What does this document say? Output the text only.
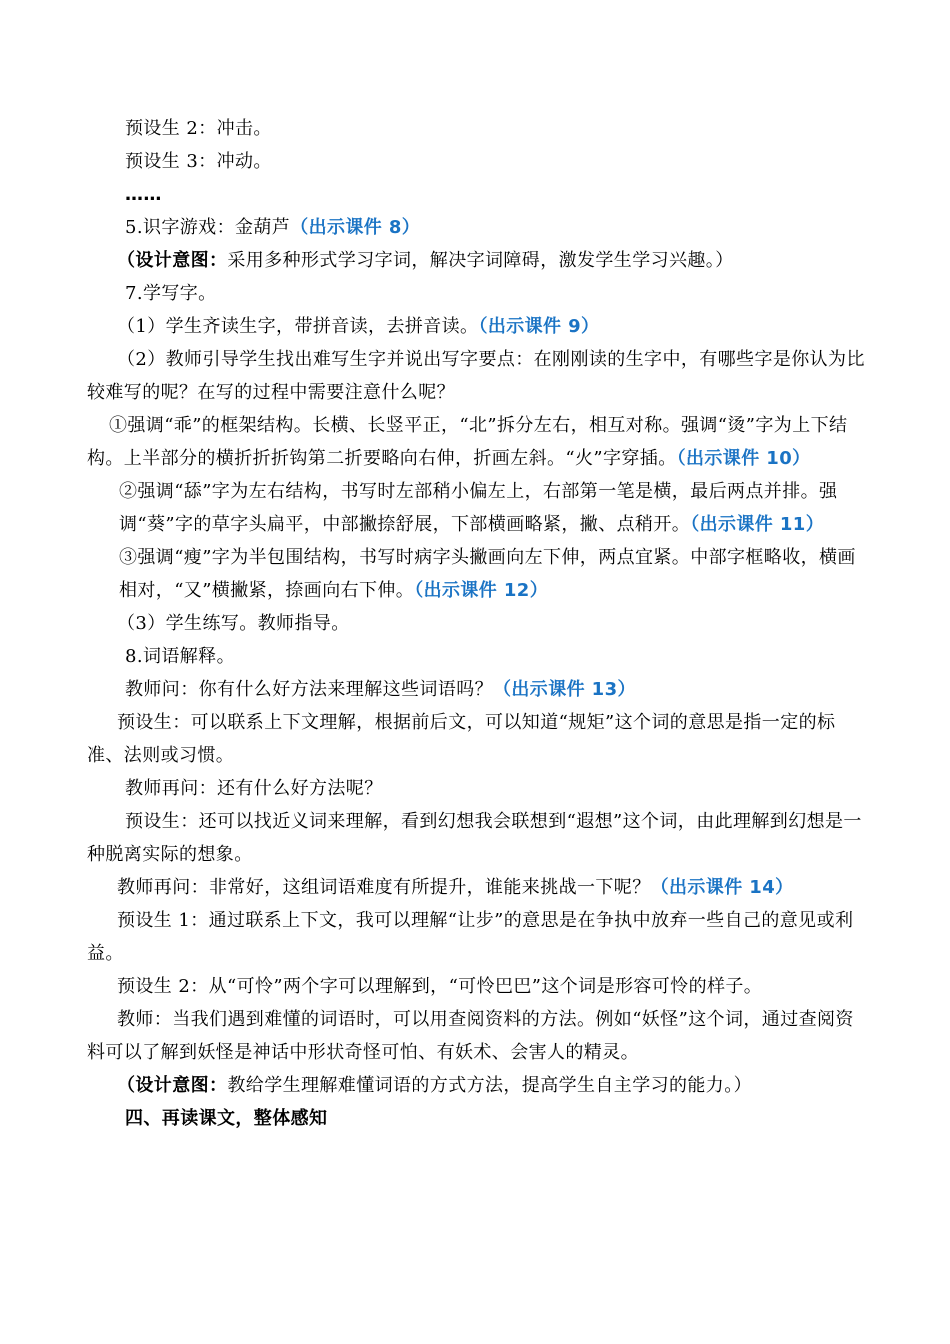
预设生 2：冲击。

预设生 3：冲动。

……

5.识字游戏：金葫芦（出示课件 8）

（设计意图：采用多种形式学习字词，解决字词障碍，激发学生学习兴趣。）

7.学写字。

（1）学生齐读生字，带拼音读，去拼音读。（出示课件 9）

（2）教师引导学生找出难写生字并说出写字要点：在刚刚读的生字中，有哪些字是你认为比较难写的呢？在写的过程中需要注意什么呢？

①强调“乖”的框架结构。长横、长竖平正，“北”拆分左右，相互对称。强调“烫”字为上下结构。上半部分的横折折折钩第二折要略向右伸，折画左斜。“火”字穿插。（出示课件 10）

②强调“舔”字为左右结构，书写时左部稍小偏左上，右部第一笔是横，最后两点并排。强调“葵”字的草字头扁平，中部撇捺舒展，下部横画略紧，撇、点稍开。（出示课件 11）

③强调“瘦”字为半包围结构，书写时病字头撇画向左下伸，两点宜紧。中部字框略收，横画相对，“又”横撇紧，捺画向右下伸。（出示课件 12）

（3）学生练写。教师指导。

8.词语解释。

教师问：你有什么好方法来理解这些词语吗？（出示课件 13）

预设生：可以联系上下文理解，根据前后文，可以知道“规矩”这个词的意思是指一定的标准、法则或习惯。

教师再问：还有什么好方法呢？

预设生：还可以找近义词来理解，看到幻想我会联想到“遐想”这个词，由此理解到幻想是一种脱离实际的想象。

教师再问：非常好，这组词语难度有所提升，谁能来挑战一下呢？（出示课件 14）

预设生 1：通过联系上下文，我可以理解“让步”的意思是在争执中放弃一些自己的意见或利益。

预设生 2：从“可怜”两个字可以理解到，“可怜巴巴”这个词是形容可怜的样子。

教师：当我们遇到难懂的词语时，可以用查阅资料的方法。例如“妖怪”这个词，通过查阅资料可以了解到妖怪是神话中形状奇怪可怕、有妖术、会害人的精灵。

（设计意图：教给学生理解难懂词语的方式方法，提高学生自主学习的能力。）

四、再读课文，整体感知
